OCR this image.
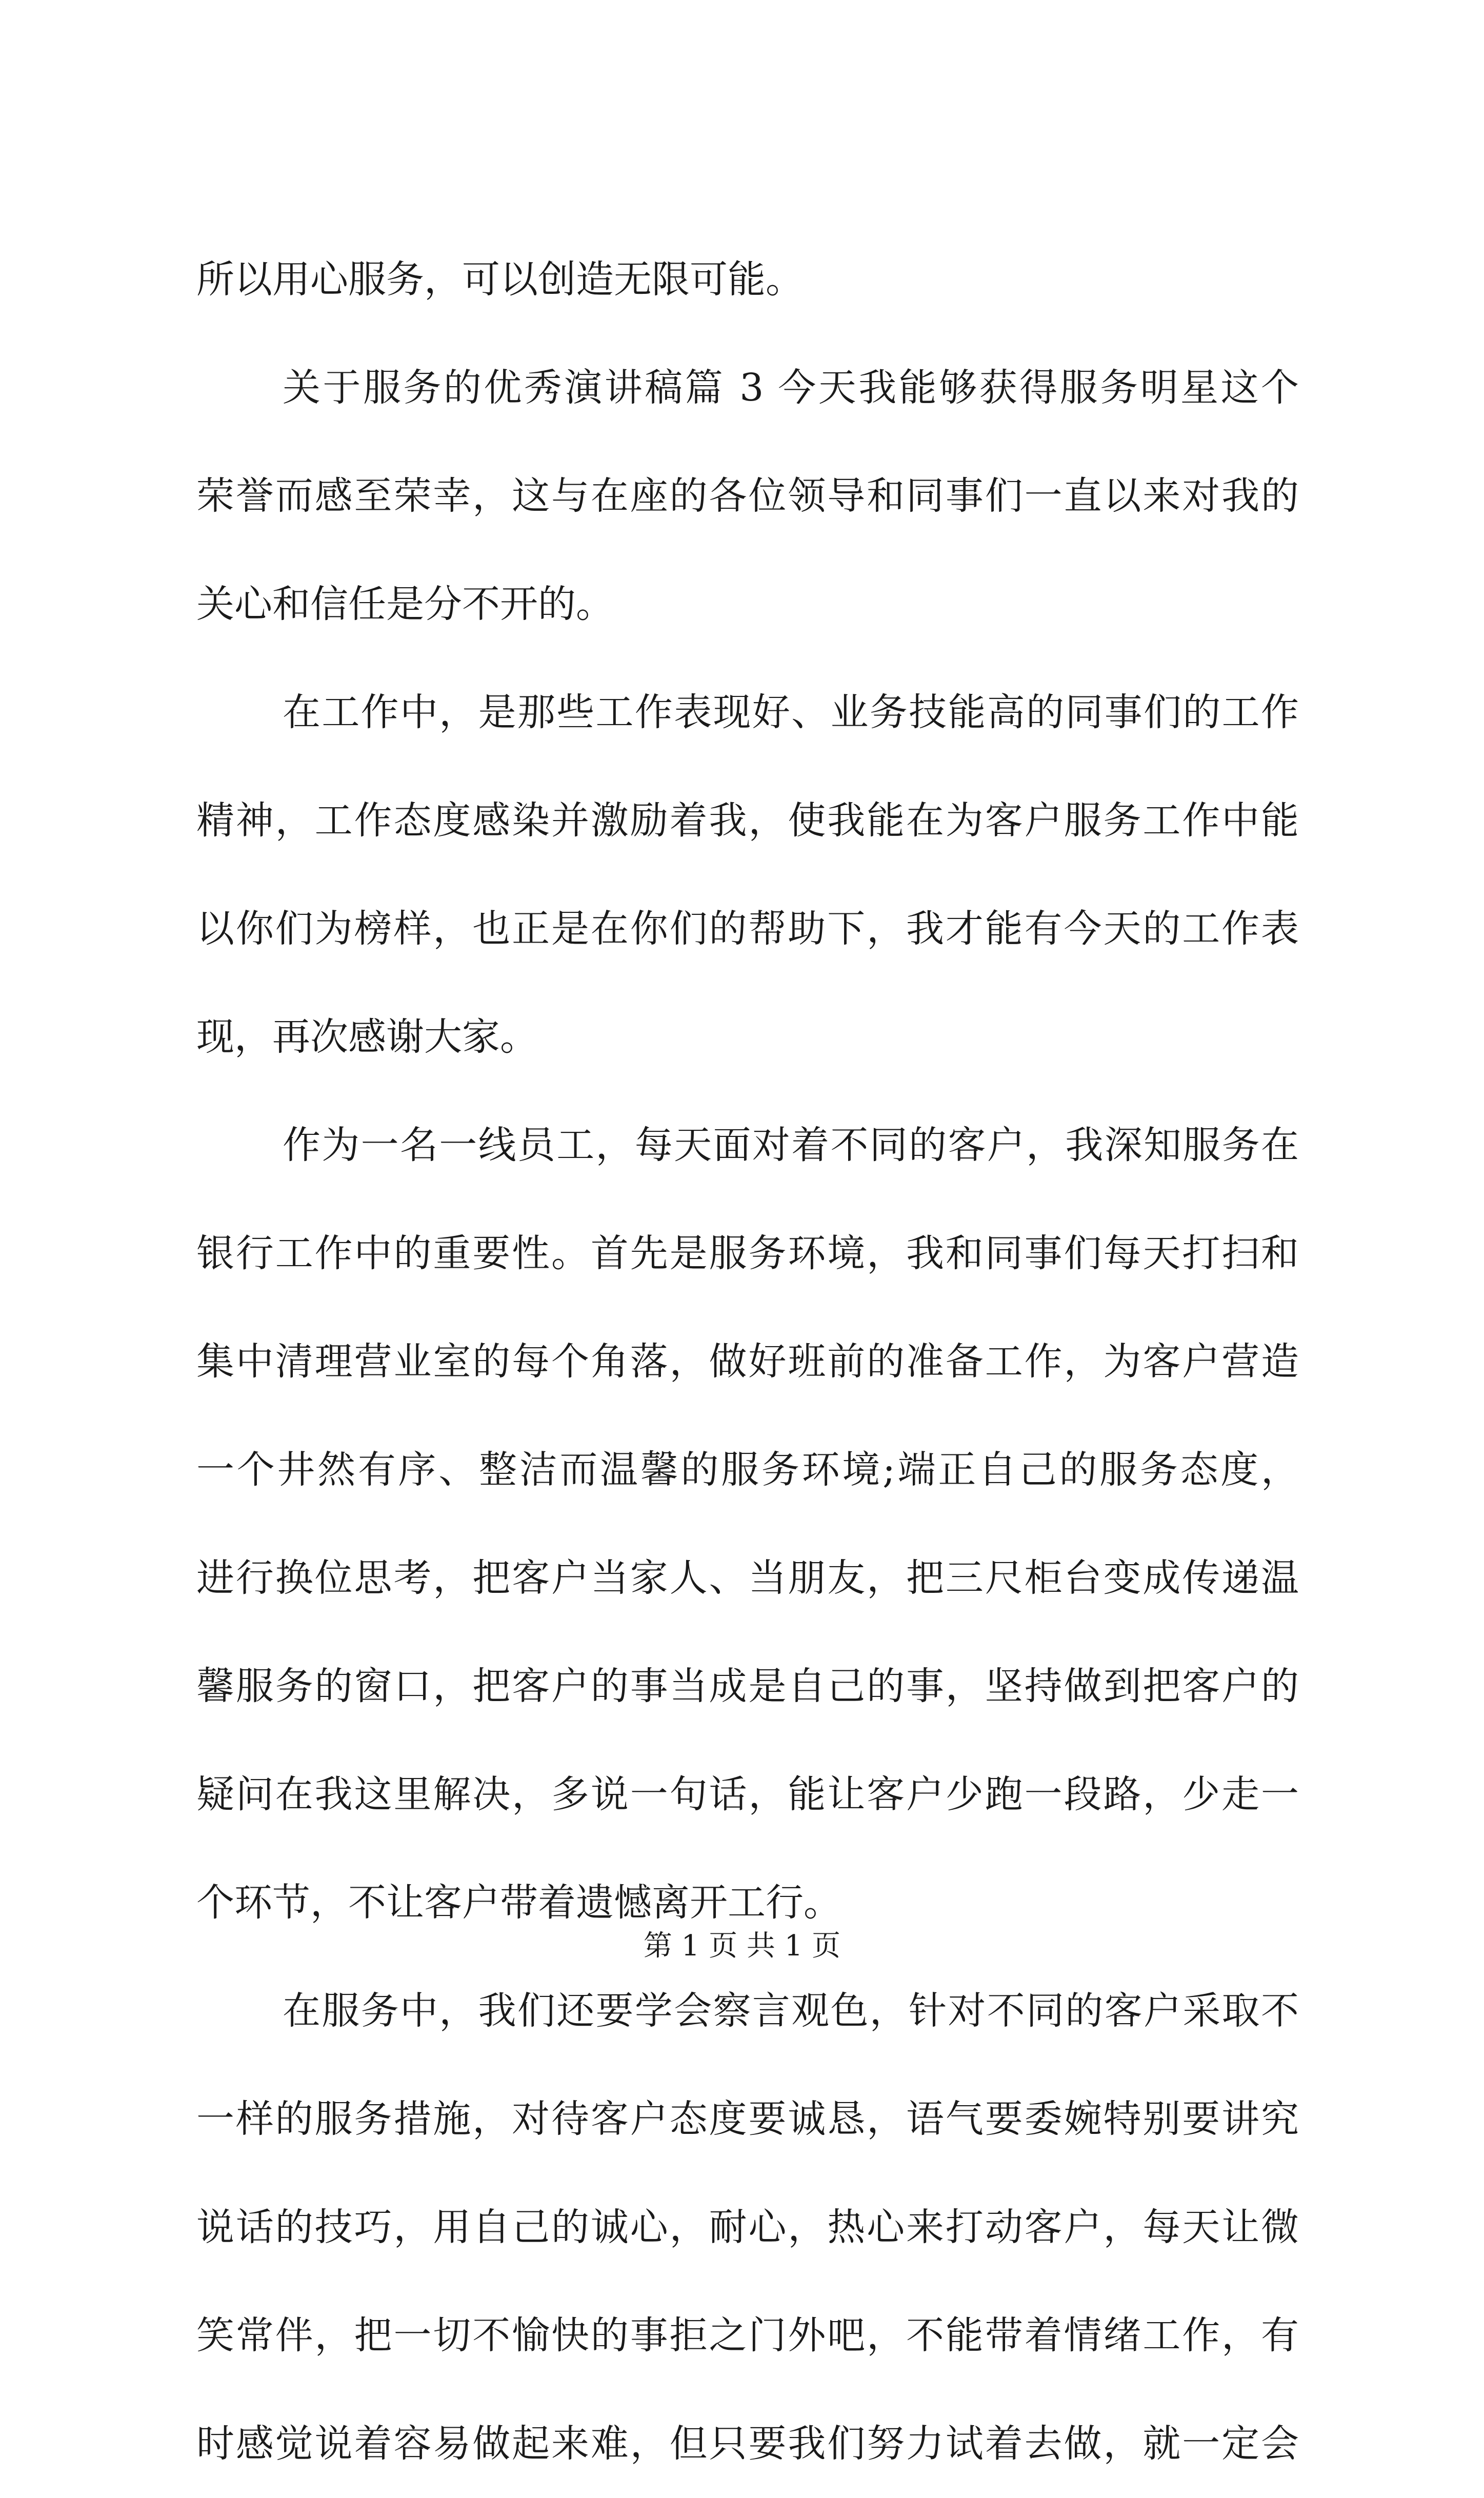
所以用心服务，可以创造无限可能。
关于服务的优秀演讲稿篇 3 今天我能够获得服务明星这个
荣誉而感至荣幸，这与在座的各位领导和同事们一直以来对我的
关心和信任是分不开的。
在工作中，是那些工作表现好、业务技能高的同事们的工作
精神，工作态度感染并激励着我，使我能在为客户服务工作中能
以你们为榜样，也正是在你们的帮助下，我才能有今天的工作表
现，再次感谢大家。
作为一名一线员工，每天面对着不同的客户，我深知服务在
银行工作中的重要性。首先是服务环境，我和同事们每天打扫和
集中清理营业室的每个角落，做好班前的准备工作，为客户营造
一个井然有序、整洁而温馨的服务环境;端正自己的服务态度，
进行换位思考，把客户当家人、当朋友，把三尺柜台变成传递温
馨服务的窗口，把客户的事当成是自己的事，坚持做到把客户的
疑问在我这里解决，多说一句话，能让客户少跑一段路，少走一
个环节，不让客户带着遗憾离开工行。
在服务中，我们还要学会察言观色，针对不同的客户采取不
一样的服务措施，对待客户态度要诚恳，语气要委婉特别要讲究
说话的技巧，用自己的诚心，耐心，热心来打动客户，每天让微
笑常伴，把一切不愉快的事拒之门外吧，不能带着情绪工作，有
时感觉说着容易做起来难，但只要我们努力试着去做，就一定会
第 1 页 共 1 页
